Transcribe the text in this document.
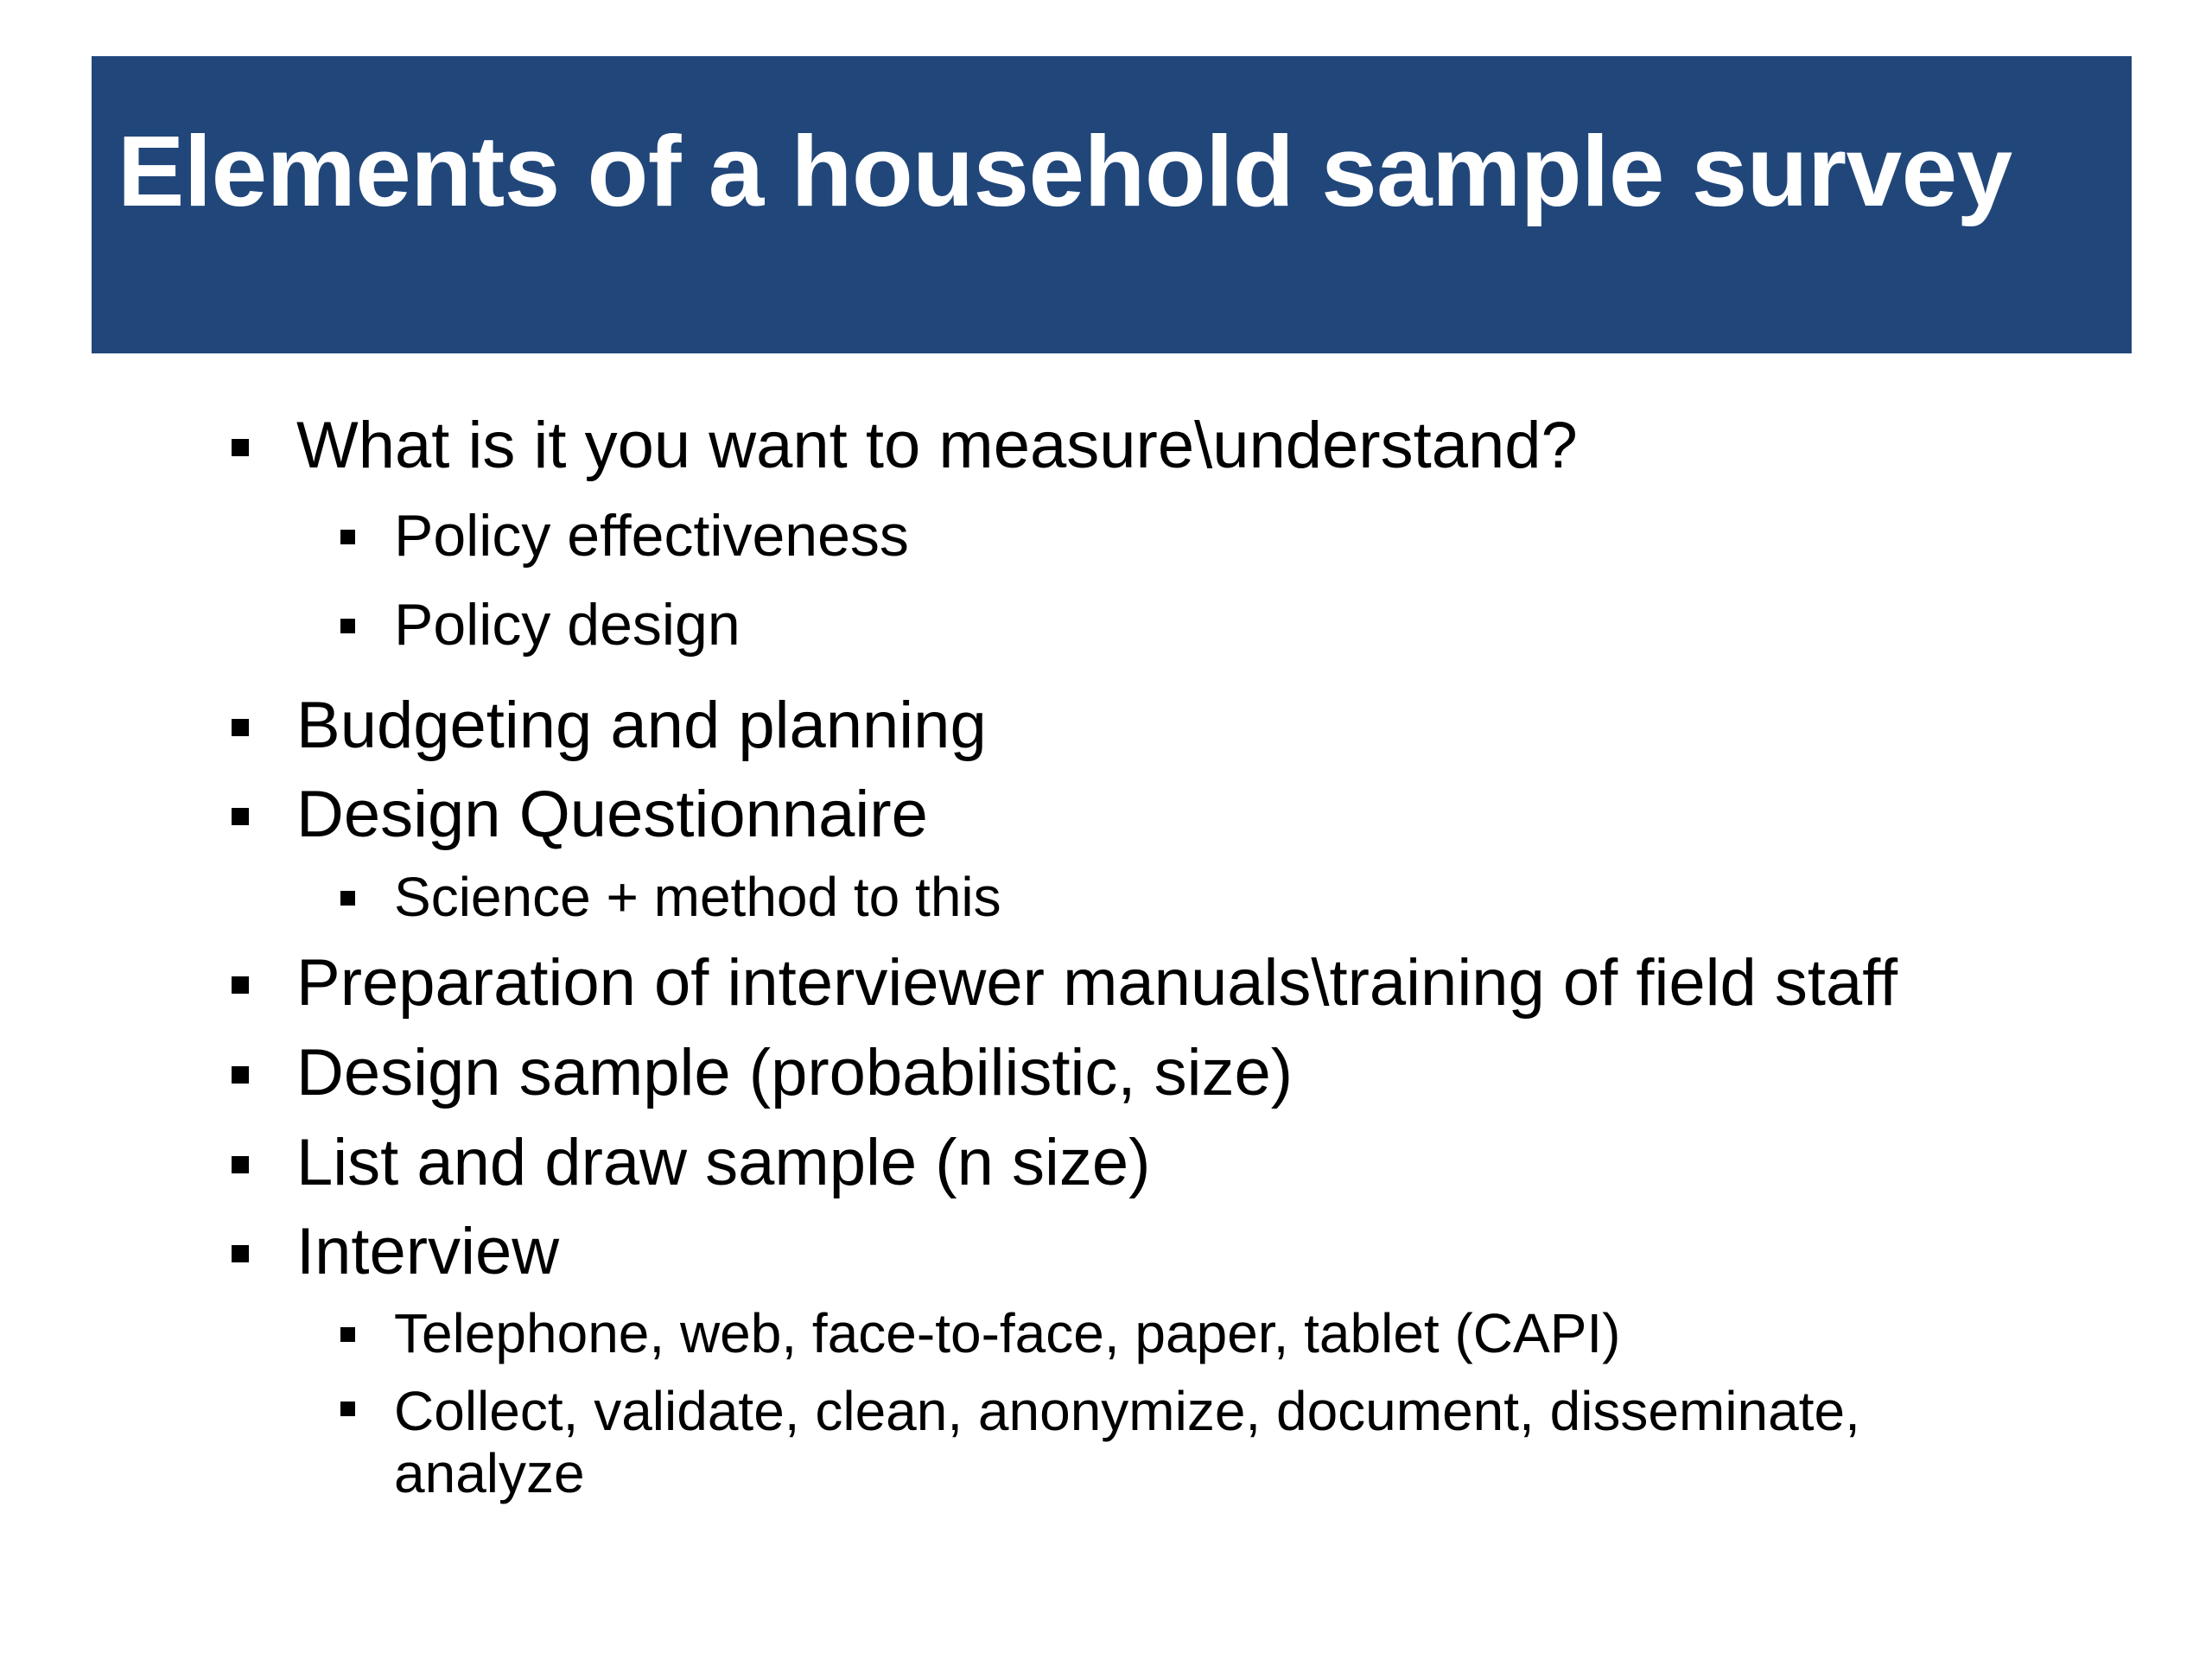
Elements of a household sample survey
What is it you want to measure\understand?
Policy effectiveness
Policy design
Budgeting and planning
Design Questionnaire
Science + method to this
Preparation of interviewer manuals\training of field staff
Design sample (probabilistic, size)
List and draw sample (n size)
Interview
Telephone, web, face-to-face, paper, tablet (CAPI)
Collect, validate, clean, anonymize, document, disseminate,
analyze
